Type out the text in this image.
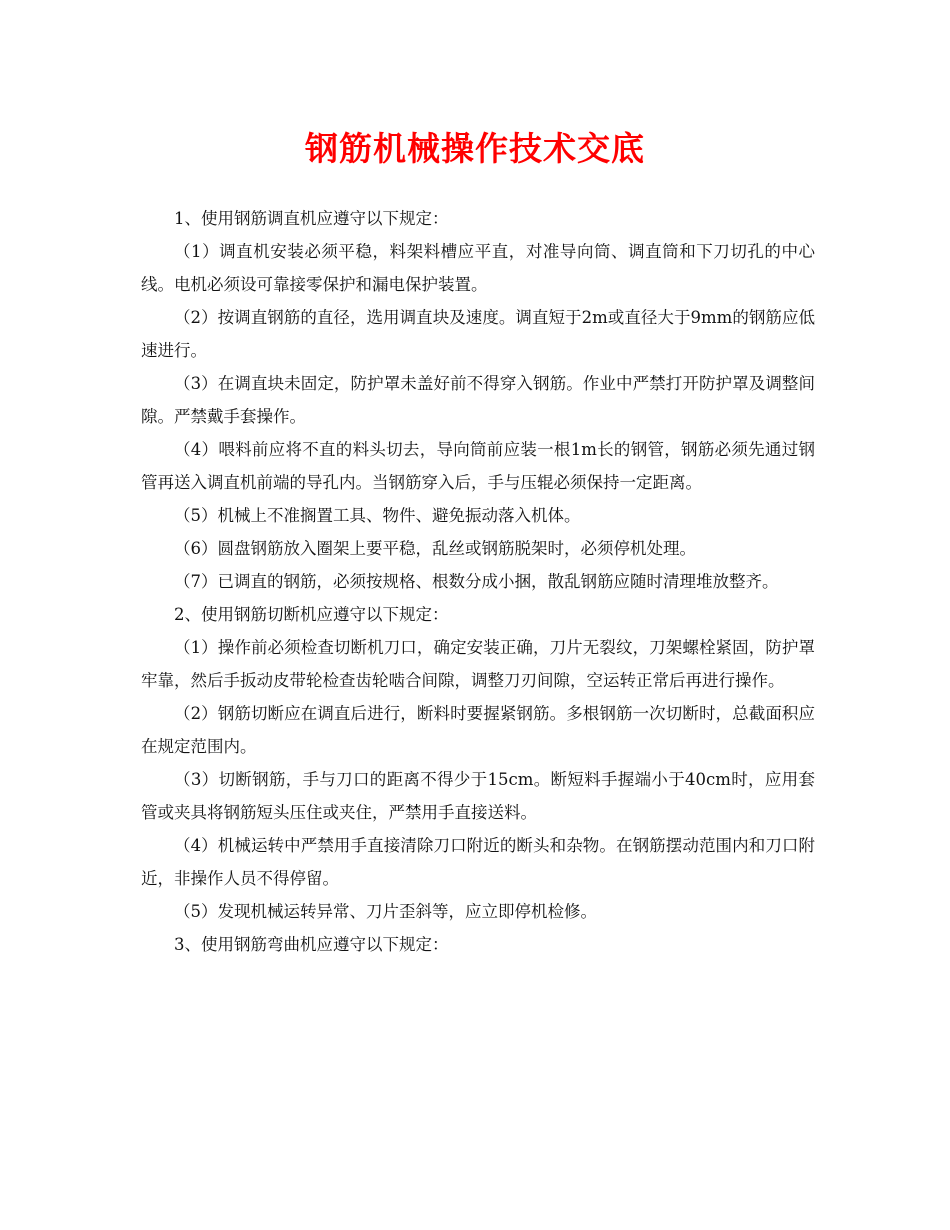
钢筋机械操作技术交底

1、使用钢筋调直机应遵守以下规定：

（1）调直机安装必须平稳，料架料槽应平直，对准导向筒、调直筒和下刀切孔的中心线。电机必须设可靠接零保护和漏电保护装置。

（2）按调直钢筋的直径，选用调直块及速度。调直短于2m或直径大于9mm的钢筋应低速进行。

（3）在调直块未固定，防护罩未盖好前不得穿入钢筋。作业中严禁打开防护罩及调整间隙。严禁戴手套操作。

（4）喂料前应将不直的料头切去，导向筒前应装一根1m长的钢管，钢筋必须先通过钢管再送入调直机前端的导孔内。当钢筋穿入后，手与压辊必须保持一定距离。

（5）机械上不准搁置工具、物件、避免振动落入机体。

（6）圆盘钢筋放入圈架上要平稳，乱丝或钢筋脱架时，必须停机处理。

（7）已调直的钢筋，必须按规格、根数分成小捆，散乱钢筋应随时清理堆放整齐。

2、使用钢筋切断机应遵守以下规定：

（1）操作前必须检查切断机刀口，确定安装正确，刀片无裂纹，刀架螺栓紧固，防护罩牢靠，然后手扳动皮带轮检查齿轮啮合间隙，调整刀刃间隙，空运转正常后再进行操作。

（2）钢筋切断应在调直后进行，断料时要握紧钢筋。多根钢筋一次切断时，总截面积应在规定范围内。

（3）切断钢筋，手与刀口的距离不得少于15cm。断短料手握端小于40cm时，应用套管或夹具将钢筋短头压住或夹住，严禁用手直接送料。

（4）机械运转中严禁用手直接清除刀口附近的断头和杂物。在钢筋摆动范围内和刀口附近，非操作人员不得停留。

（5）发现机械运转异常、刀片歪斜等，应立即停机检修。

3、使用钢筋弯曲机应遵守以下规定：
